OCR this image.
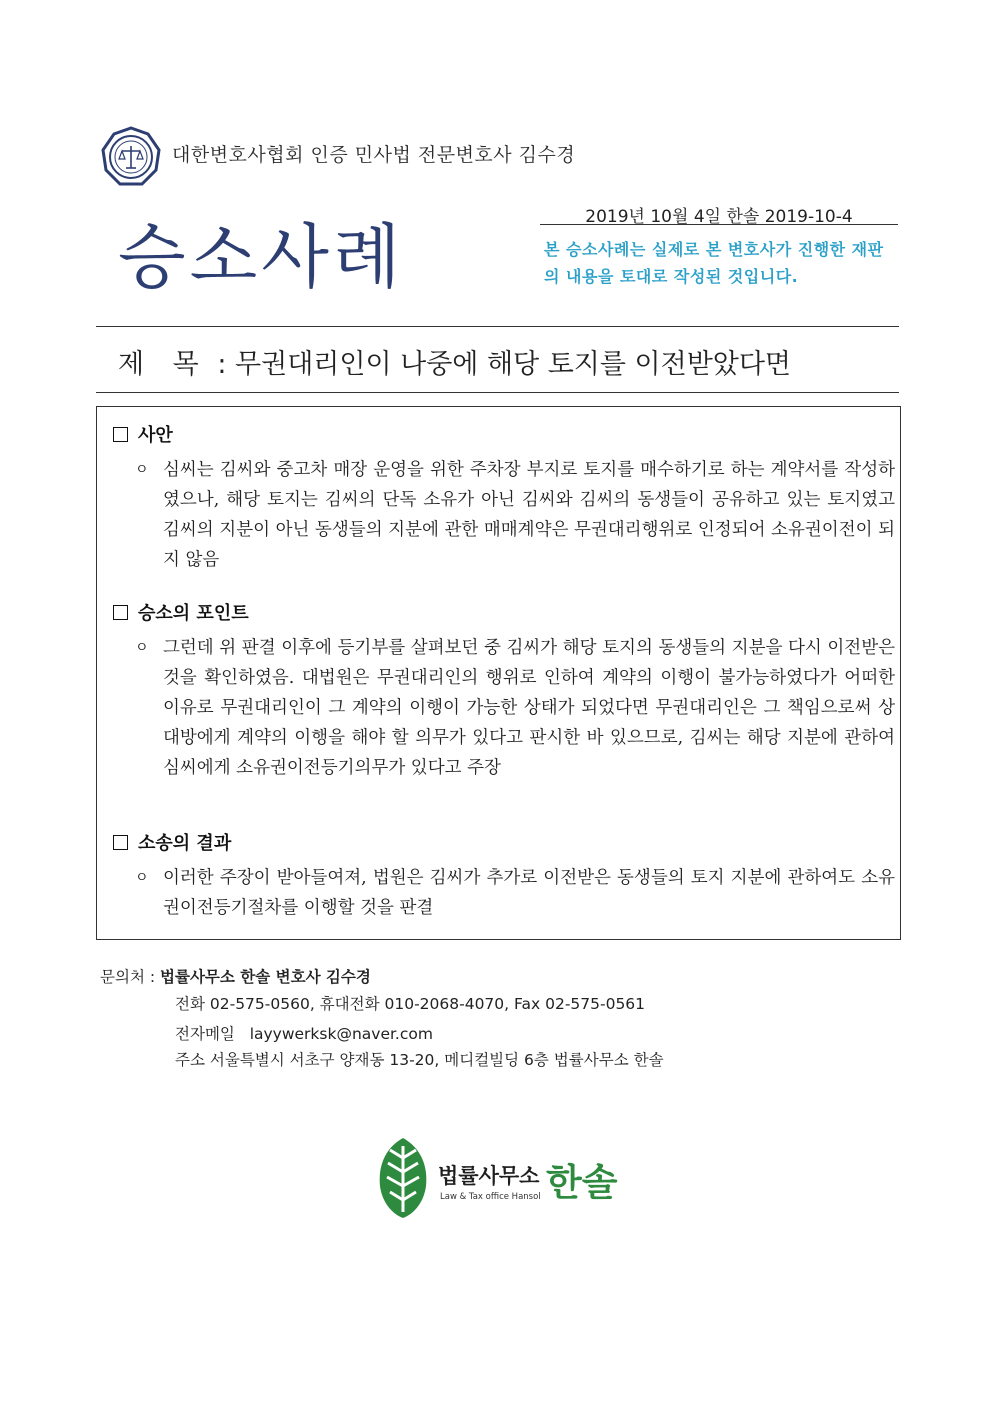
대한변호사협회 인증 민사법 전문변호사 김수경
2019년 10월 4일 한솔 2019-10-4
승소사례	본 승소사례는 실제로 본 변호사가 진행한 재판의 내용을 토대로 작성된 것입니다.
제 목 : 무권대리인이 나중에 해당 토지를 이전받았다면
사안
ㅇ 심씨는 김씨와 중고차 매장 운영을 위한 주차장 부지로 토지를 매수하기로 하는 계약서를 작성하였으나, 해당 토지는 김씨의 단독 소유가 아닌 김씨와 김씨의 동생들이 공유하고 있는 토지였고 김씨의 지분이 아닌 동생들의 지분에 관한 매매계약은 무권대리행위로 인정되어 소유권이전이 되지 않음
승소의 포인트
ㅇ 그런데 위 판결 이후에 등기부를 살펴보던 중 김씨가 해당 토지의 동생들의 지분을 다시 이전받은 것을 확인하였음. 대법원은 무권대리인의 행위로 인하여 계약의 이행이 불가능하였다가 어떠한 이유로 무권대리인이 그 계약의 이행이 가능한 상태가 되었다면 무권대리인은 그 책임으로써 상대방에게 계약의 이행을 해야 할 의무가 있다고 판시한 바 있으므로, 김씨는 해당 지분에 관하여 심씨에게 소유권이전등기의무가 있다고 주장
소송의 결과
ㅇ 이러한 주장이 받아들여져, 법원은 김씨가 추가로 이전받은 동생들의 토지 지분에 관하여도 소유권이전등기절차를 이행할 것을 판결
문의처 : 법률사무소 한솔 변호사 김수경
전화 02-575-0560, 휴대전화 010-2068-4070, Fax 02-575-0561
전자메일 layywerksk@naver.com
주소 서울특별시 서초구 양재동 13-20, 메디컬빌딩 6층 법률사무소 한솔
법률사무소
Law & Tax office Hansol 한솔
